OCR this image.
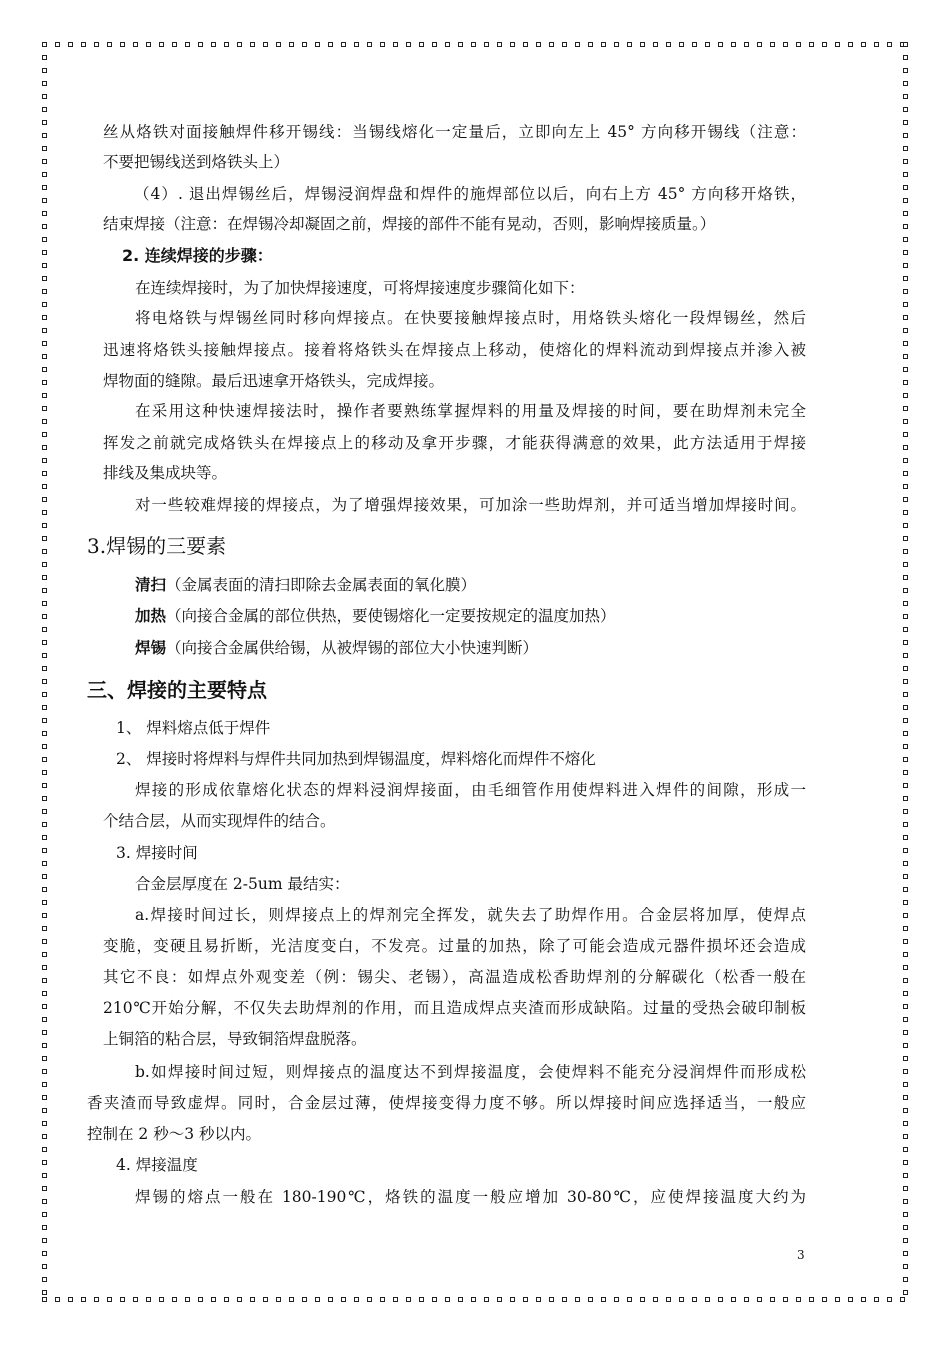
丝从烙铁对面接触焊件移开锡线：当锡线熔化一定量后，立即向左上 45° 方向移开锡线（注意：
不要把锡线送到烙铁头上）
（4）. 退出焊锡丝后，焊锡浸润焊盘和焊件的施焊部位以后，向右上方 45° 方向移开烙铁，
结束焊接（注意：在焊锡冷却凝固之前，焊接的部件不能有晃动，否则，影响焊接质量。）
2. 连续焊接的步骤：
在连续焊接时，为了加快焊接速度，可将焊接速度步骤简化如下：
将电烙铁与焊锡丝同时移向焊接点。在快要接触焊接点时，用烙铁头熔化一段焊锡丝，然后
迅速将烙铁头接触焊接点。接着将烙铁头在焊接点上移动，使熔化的焊料流动到焊接点并渗入被
焊物面的缝隙。最后迅速拿开烙铁头，完成焊接。
在采用这种快速焊接法时，操作者要熟练掌握焊料的用量及焊接的时间，要在助焊剂未完全
挥发之前就完成烙铁头在焊接点上的移动及拿开步骤，才能获得满意的效果，此方法适用于焊接
排线及集成块等。
对一些较难焊接的焊接点，为了增强焊接效果，可加涂一些助焊剂，并可适当增加焊接时间。
3.焊锡的三要素
清扫（金属表面的清扫即除去金属表面的氧化膜）
加热（向接合金属的部位供热，要使锡熔化一定要按规定的温度加热）
焊锡（向接合金属供给锡，从被焊锡的部位大小快速判断）
三、焊接的主要特点
1、 焊料熔点低于焊件
2、 焊接时将焊料与焊件共同加热到焊锡温度，焊料熔化而焊件不熔化
焊接的形成依靠熔化状态的焊料浸润焊接面，由毛细管作用使焊料进入焊件的间隙，形成一
个结合层，从而实现焊件的结合。
3. 焊接时间
合金层厚度在 2-5um 最结实：
a.焊接时间过长，则焊接点上的焊剂完全挥发，就失去了助焊作用。合金层将加厚，使焊点
变脆，变硬且易折断，光洁度变白，不发亮。过量的加热，除了可能会造成元器件损坏还会造成
其它不良：如焊点外观变差（例：锡尖、老锡），高温造成松香助焊剂的分解碳化（松香一般在
210℃开始分解，不仅失去助焊剂的作用，而且造成焊点夹渣而形成缺陷。过量的受热会破印制板
上铜箔的粘合层，导致铜箔焊盘脱落。
b.如焊接时间过短，则焊接点的温度达不到焊接温度，会使焊料不能充分浸润焊件而形成松
香夹渣而导致虚焊。同时，合金层过薄，使焊接变得力度不够。所以焊接时间应选择适当，一般应
控制在 2 秒～3 秒以内。
4. 焊接温度
焊锡的熔点一般在 180-190℃，烙铁的温度一般应增加 30-80℃，应使焊接温度大约为
3
